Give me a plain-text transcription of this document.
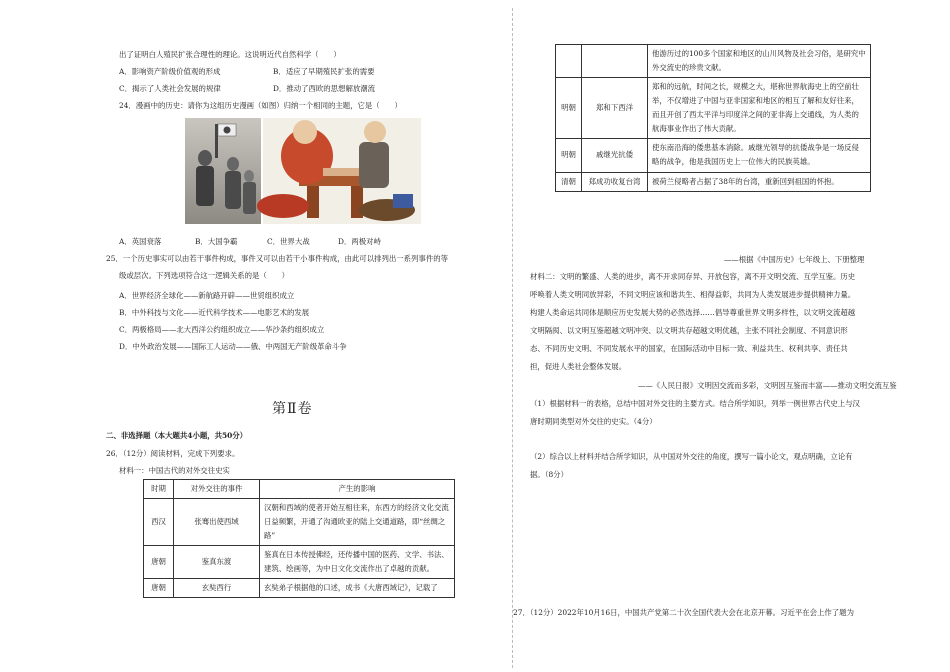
出了证明白人殖民扩张合理性的理论。这说明近代自然科学（　　）
A．影响资产阶级价值观的形成	B．适应了早期殖民扩张的需要
C．揭示了人类社会发展的规律	D．推动了西欧的思想解放潮流
24．漫画中的历史：请你为这组历史漫画（如图）归纳一个相同的主题，它是（　　）
A．英国衰落	B．大国争霸	C．世界大战	D．两极对峙
25．一个历史事实可以由若干事件构成，事件又可以由若干小事件构成，由此可以排列出一系列事件的等
级或层次。下列选项符合这一逻辑关系的是（　　）
A．世界经济全球化——新航路开辟——世贸组织成立
B．中外科技与文化——近代科学技术——电影艺术的发展
C．两极格局——北大西洋公约组织成立——华沙条约组织成立
D．中外政治发展——国际工人运动——俄、中两国无产阶级革命斗争
第Ⅱ卷
二、非选择题（本大题共4小题，共50分）
26．（12分）阅读材料，完成下列要求。
材料一：中国古代的对外交往史实
时期	对外交往的事件	产生的影响
西汉	张骞出使西域	汉朝和西域的使者开始互相往来，东西方的经济文化交流日益频繁，开通了沟通欧亚的陆上交通道路，即“丝绸之路”
唐朝	鉴真东渡	鉴真在日本传授佛经，还传播中国的医药、文学、书法、建筑、绘画等，为中日文化交流作出了卓越的贡献。
唐朝	玄奘西行	玄奘弟子根据他的口述，成书《大唐西域记》，记载了
		他游历过的100多个国家和地区的山川风物及社会习俗，是研究中外交流史的珍贵文献。
明朝	郑和下西洋	郑和的远航，时间之长，规模之大，堪称世界航海史上的空前壮举，不仅增进了中国与亚非国家和地区的相互了解和友好往来，而且开创了西太平洋与印度洋之间的亚非海上交通线，为人类的航海事业作出了伟大贡献。
明朝	戚继光抗倭	使东南沿海的倭患基本消除。戚继光领导的抗倭战争是一场反侵略的战争，他是我国历史上一位伟大的民族英雄。
清朝	郑成功收复台湾	被荷兰侵略者占据了38年的台湾，重新回到祖国的怀抱。
——根据《中国历史》七年级上、下册整理
材料二：文明的繁盛、人类的进步，离不开求同存异、开放包容，离不开文明交流、互学互鉴。历史
呼唤着人类文明同放异彩，不同文明应该和谐共生、相得益彰，共同为人类发展进步提供精神力量。
构建人类命运共同体是顺应历史发展大势的必然选择……倡导尊重世界文明多样性，以文明交流超越
文明隔阂、以文明互鉴超越文明冲突、以文明共存超越文明优越，主张不同社会制度、不同意识形
态、不同历史文明、不同发展水平的国家，在国际活动中目标一致、利益共生、权利共享、责任共
担，促进人类社会整体发展。
——《人民日报》文明因交流而多彩，文明因互鉴而丰富——推动文明交流互鉴
（1）根据材料一的表格，总结中国对外交往的主要方式。结合所学知识，列举一例世界古代史上与汉
唐时期同类型对外交往的史实。（4分）
（2）综合以上材料并结合所学知识，从中国对外交往的角度，撰写一篇小论文，观点明确，立论有
据。（8分）
27．（12分）2022年10月16日，中国共产党第二十次全国代表大会在北京开幕。习近平在会上作了题为
